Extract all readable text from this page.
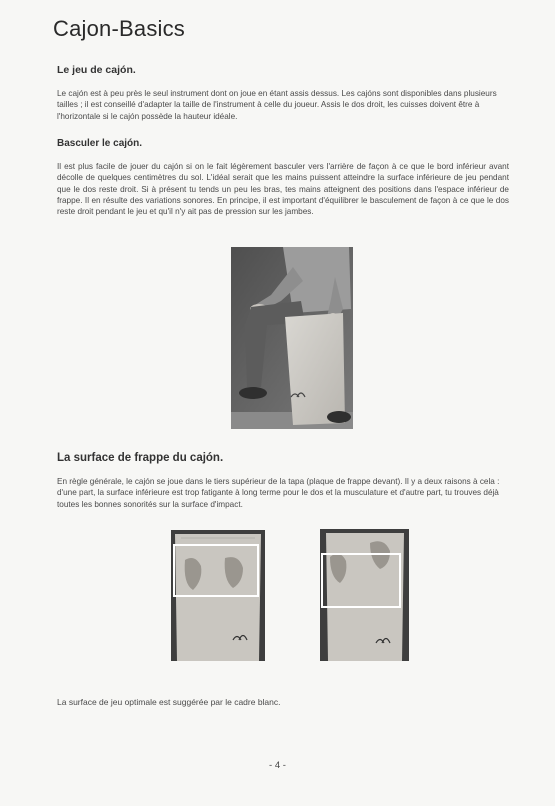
Cajon-Basics
Le jeu de cajón.

Le cajón est à peu près le seul instrument dont on joue en étant assis dessus. Les cajóns sont disponibles dans plusieurs tailles ; il est conseillé d'adapter la taille de l'instrument à celle du joueur. Assis le dos droit, les cuisses doivent être à l'horizontale si le cajón possède la hauteur idéale.

Basculer le cajón.

Il est plus facile de jouer du cajón si on le fait légèrement basculer vers l'arrière de façon à ce que le bord inférieur avant décolle de quelques centimètres du sol. L'idéal serait que les mains puissent atteindre la surface inférieure de jeu pendant que le dos reste droit. Si à présent tu tends un peu les bras, tes mains atteignent des positions dans l'espace inférieur de frappe. Il en résulte des variations sonores. En principe, il est important d'équilibrer le basculement de façon à ce que le dos reste droit pendant le jeu et qu'il n'y ait pas de pression sur les jambes.

La surface de frappe du cajón.

En règle générale, le cajón se joue dans le tiers supérieur de la tapa (plaque de frappe devant). Il y a deux raisons à cela : d'une part, la surface inférieure est trop fatigante à long terme pour le dos et la musculature et d'autre part, tu trouves déjà toutes les bonnes sonorités sur la surface d'impact.

La surface de jeu optimale est suggérée par le cadre blanc.

- 4 -
